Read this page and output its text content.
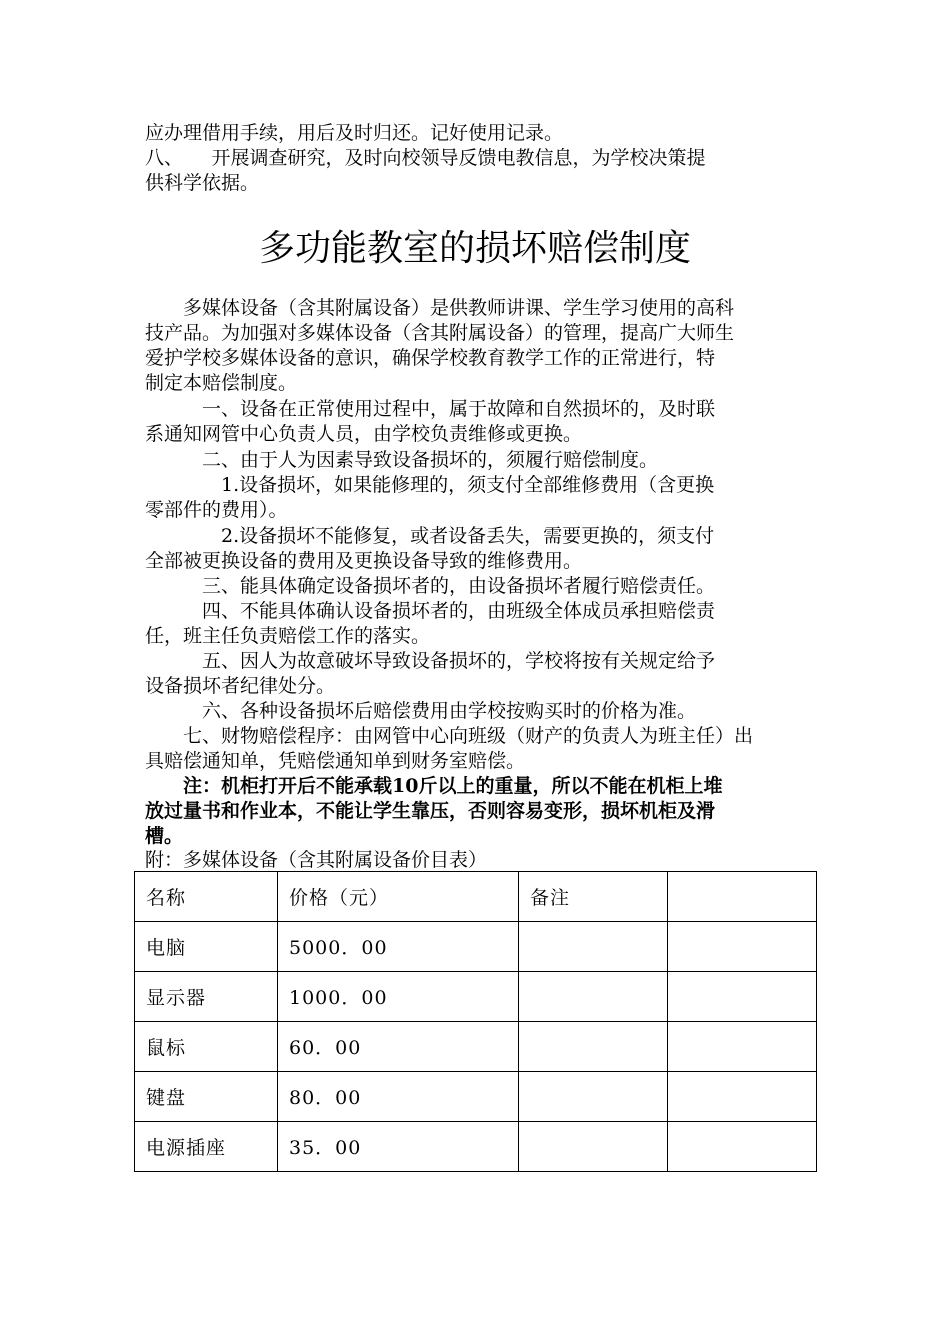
应办理借用手续，用后及时归还。记好使用记录。
八、　　开展调查研究，及时向校领导反馈电教信息，为学校决策提
供科学依据。
多功能教室的损坏赔偿制度
　　多媒体设备（含其附属设备）是供教师讲课、学生学习使用的高科
技产品。为加强对多媒体设备（含其附属设备）的管理，提高广大师生
爱护学校多媒体设备的意识，确保学校教育教学工作的正常进行，特
制定本赔偿制度。
　　　一、设备在正常使用过程中，属于故障和自然损坏的，及时联
系通知网管中心负责人员，由学校负责维修或更换。
　　　二、由于人为因素导致设备损坏的，须履行赔偿制度。
　　　　1.设备损坏，如果能修理的，须支付全部维修费用（含更换
零部件的费用）。
　　　　2.设备损坏不能修复，或者设备丢失，需要更换的，须支付
全部被更换设备的费用及更换设备导致的维修费用。
　　　三、能具体确定设备损坏者的，由设备损坏者履行赔偿责任。
　　　四、不能具体确认设备损坏者的，由班级全体成员承担赔偿责
任，班主任负责赔偿工作的落实。
　　　五、因人为故意破坏导致设备损坏的，学校将按有关规定给予
设备损坏者纪律处分。
　　　六、各种设备损坏后赔偿费用由学校按购买时的价格为准。
　　七、财物赔偿程序：由网管中心向班级（财产的负责人为班主任）出
具赔偿通知单，凭赔偿通知单到财务室赔偿。
　　注：机柜打开后不能承载10斤以上的重量，所以不能在机柜上堆
放过量书和作业本，不能让学生靠压，否则容易变形，损坏机柜及滑
槽。
附：多媒体设备（含其附属设备价目表）
名称	价格（元）	备注	
电脑	5000．00		
显示器	1000．00		
鼠标	60．00		
键盘	80．00		
电源插座	35．00		
